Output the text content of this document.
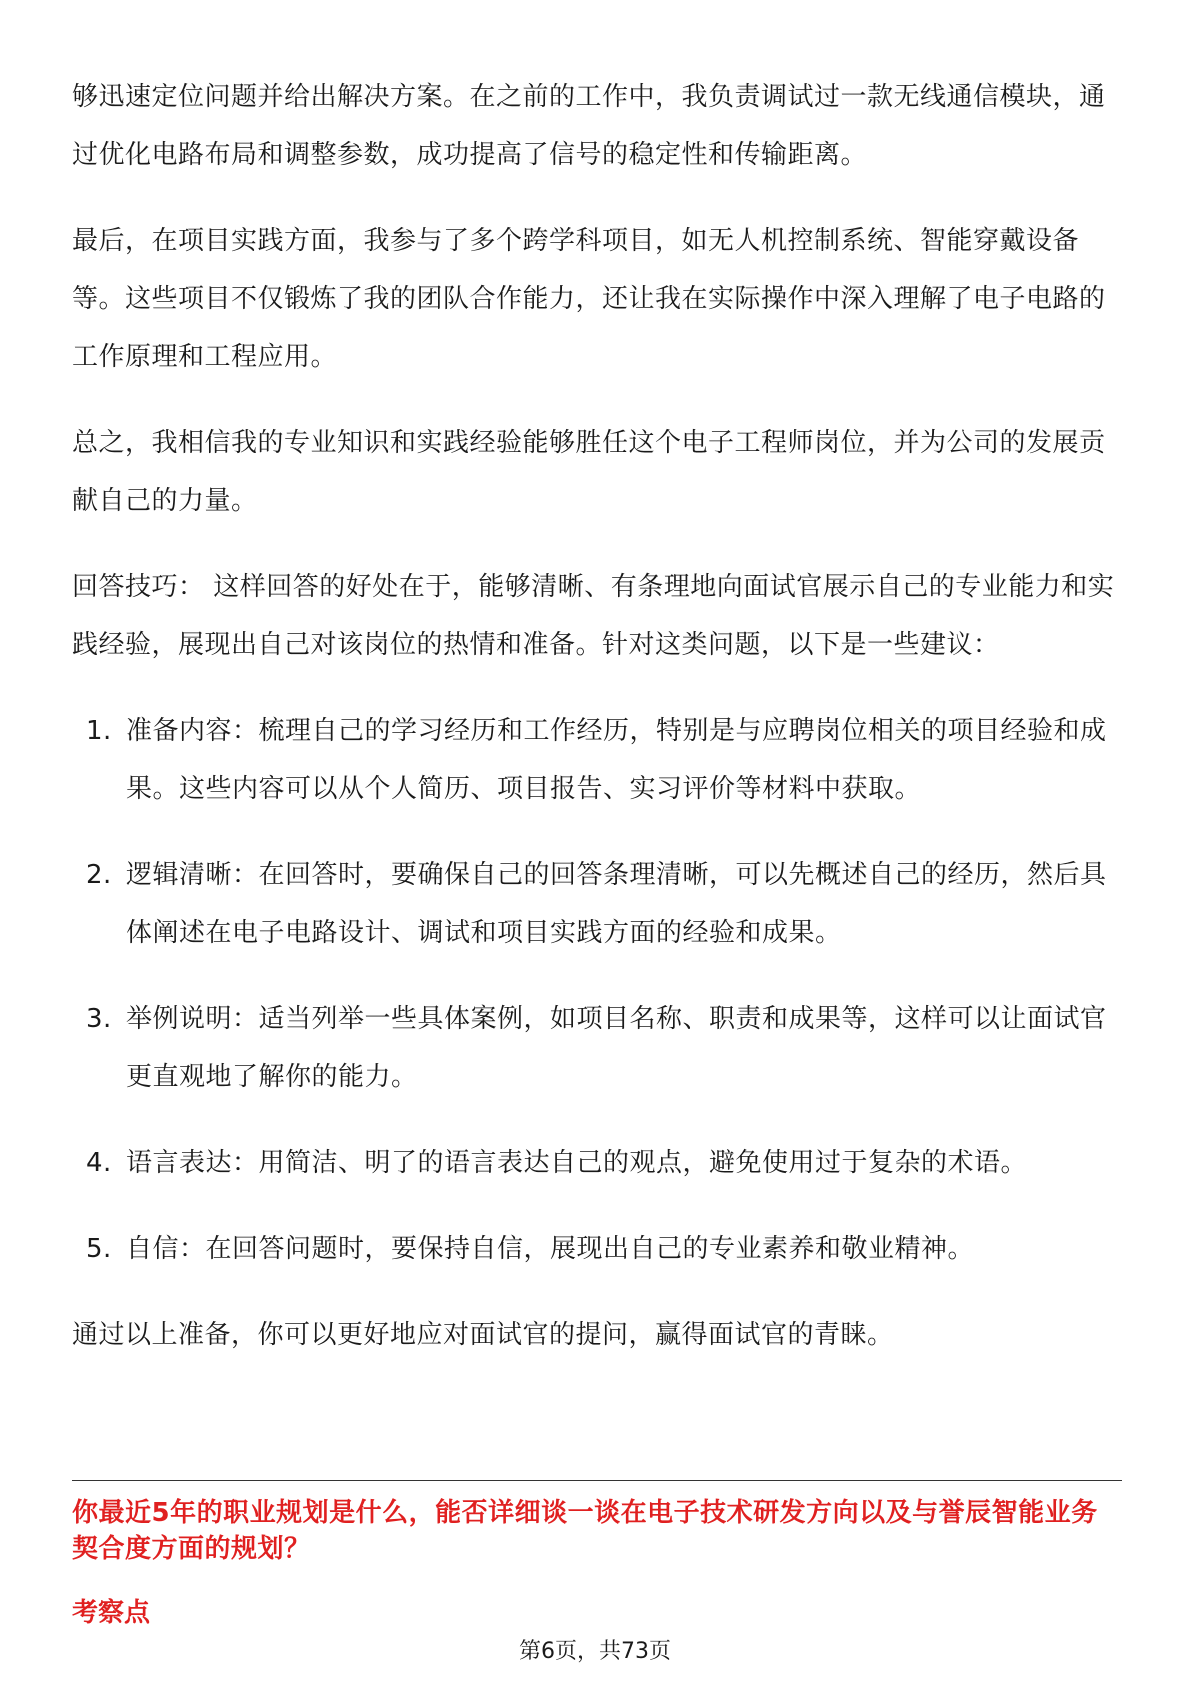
够迅速定位问题并给出解决方案。在之前的工作中，我负责调试过一款无线通信模块，通过优化电路布局和调整参数，成功提高了信号的稳定性和传输距离。

最后，在项目实践方面，我参与了多个跨学科项目，如无人机控制系统、智能穿戴设备等。这些项目不仅锻炼了我的团队合作能力，还让我在实际操作中深入理解了电子电路的工作原理和工程应用。

总之，我相信我的专业知识和实践经验能够胜任这个电子工程师岗位，并为公司的发展贡献自己的力量。

回答技巧： 这样回答的好处在于，能够清晰、有条理地向面试官展示自己的专业能力和实践经验，展现出自己对该岗位的热情和准备。针对这类问题，以下是一些建议：

1. 准备内容：梳理自己的学习经历和工作经历，特别是与应聘岗位相关的项目经验和成果。这些内容可以从个人简历、项目报告、实习评价等材料中获取。
2. 逻辑清晰：在回答时，要确保自己的回答条理清晰，可以先概述自己的经历，然后具体阐述在电子电路设计、调试和项目实践方面的经验和成果。
3. 举例说明：适当列举一些具体案例，如项目名称、职责和成果等，这样可以让面试官更直观地了解你的能力。
4. 语言表达：用简洁、明了的语言表达自己的观点，避免使用过于复杂的术语。
5. 自信：在回答问题时，要保持自信，展现出自己的专业素养和敬业精神。

通过以上准备，你可以更好地应对面试官的提问，赢得面试官的青睐。

你最近5年的职业规划是什么，能否详细谈一谈在电子技术研发方向以及与誉辰智能业务契合度方面的规划？
考察点
第6页，共73页
